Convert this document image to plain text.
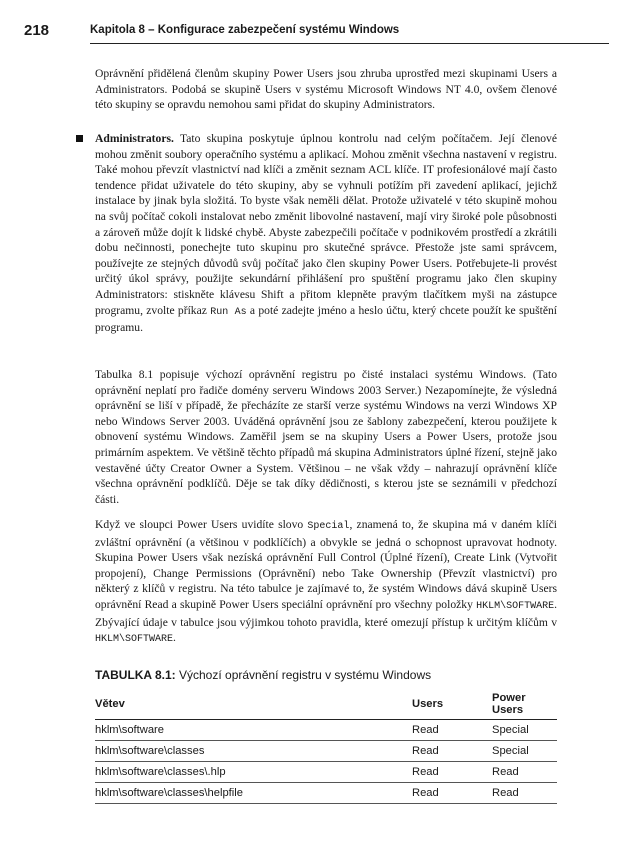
218	Kapitola 8 – Konfigurace zabezpečení systému Windows

Oprávnění přidělená členům skupiny Power Users jsou zhruba uprostřed mezi skupinami Users a Administrators. Podobá se skupině Users v systému Microsoft Windows NT 4.0, ovšem členové této skupiny se opravdu nemohou sami přidat do skupiny Administrators.

Administrators. Tato skupina poskytuje úplnou kontrolu nad celým počítačem. Její členové mohou změnit soubory operačního systému a aplikací. Mohou změnit všechna nastavení v registru. Také mohou převzít vlastnictví nad klíči a změnit seznam ACL klíče. IT profesionálové mají často tendence přidat uživatele do této skupiny, aby se vyhnuli potížím při zavedení aplikací, jejichž instalace by jinak byla složitá. To byste však neměli dělat. Protože uživatelé v této skupině mohou na svůj počítač cokoli instalovat nebo změnit libovolné nastavení, mají viry široké pole působnosti a zároveň může dojít k lidské chybě. Abyste zabezpečili počítače v podnikovém prostředí a zkrátili dobu nečinnosti, ponechejte tuto skupinu pro skutečné správce. Přestože jste sami správcem, používejte ze stejných důvodů svůj počítač jako člen skupiny Power Users. Potřebujete-li provést určitý úkol správy, použijte sekundární přihlášení pro spuštění programu jako člen skupiny Administrators: stiskněte klávesu Shift a přitom klepněte pravým tlačítkem myši na zástupce programu, zvolte příkaz Run As a poté zadejte jméno a heslo účtu, který chcete použít ke spuštění programu.

Tabulka 8.1 popisuje výchozí oprávnění registru po čisté instalaci systému Windows. (Tato oprávnění neplatí pro řadiče domény serveru Windows 2003 Server.) Nezapomínejte, že výsledná oprávnění se liší v případě, že přecházíte ze starší verze systému Windows na verzi Windows XP nebo Windows Server 2003. Uváděná oprávnění jsou ze šablony zabezpečení, kterou použijete k obnovení systému Windows. Zaměřil jsem se na skupiny Users a Power Users, protože jsou primárním aspektem. Ve většině těchto případů má skupina Administrators úplné řízení, stejně jako vestavěné účty Creator Owner a System. Většinou – ne však vždy – nahrazují oprávnění klíče všechna oprávnění podklíčů. Děje se tak díky dědičnosti, s kterou jste se seznámili v předchozí části.

Když ve sloupci Power Users uvidíte slovo Special, znamená to, že skupina má v daném klíči zvláštní oprávnění (a většinou v podklíčích) a obvykle se jedná o schopnost upravovat hodnoty. Skupina Power Users však nezíská oprávnění Full Control (Úplné řízení), Create Link (Vytvořit propojení), Change Permissions (Oprávnění) nebo Take Ownership (Převzít vlastnictví) pro některý z klíčů v registru. Na této tabulce je zajímavé to, že systém Windows dává skupině Users oprávnění Read a skupině Power Users speciální oprávnění pro všechny položky HKLM\SOFTWARE. Zbývající údaje v tabulce jsou výjimkou tohoto pravidla, které omezují přístup k určitým klíčům v HKLM\SOFTWARE.

TABULKA 8.1: Výchozí oprávnění registru v systému Windows
Větev	Users	Power Users
hklm\software	Read	Special
hklm\software\classes	Read	Special
hklm\software\classes\.hlp	Read	Read
hklm\software\classes\helpfile	Read	Read
